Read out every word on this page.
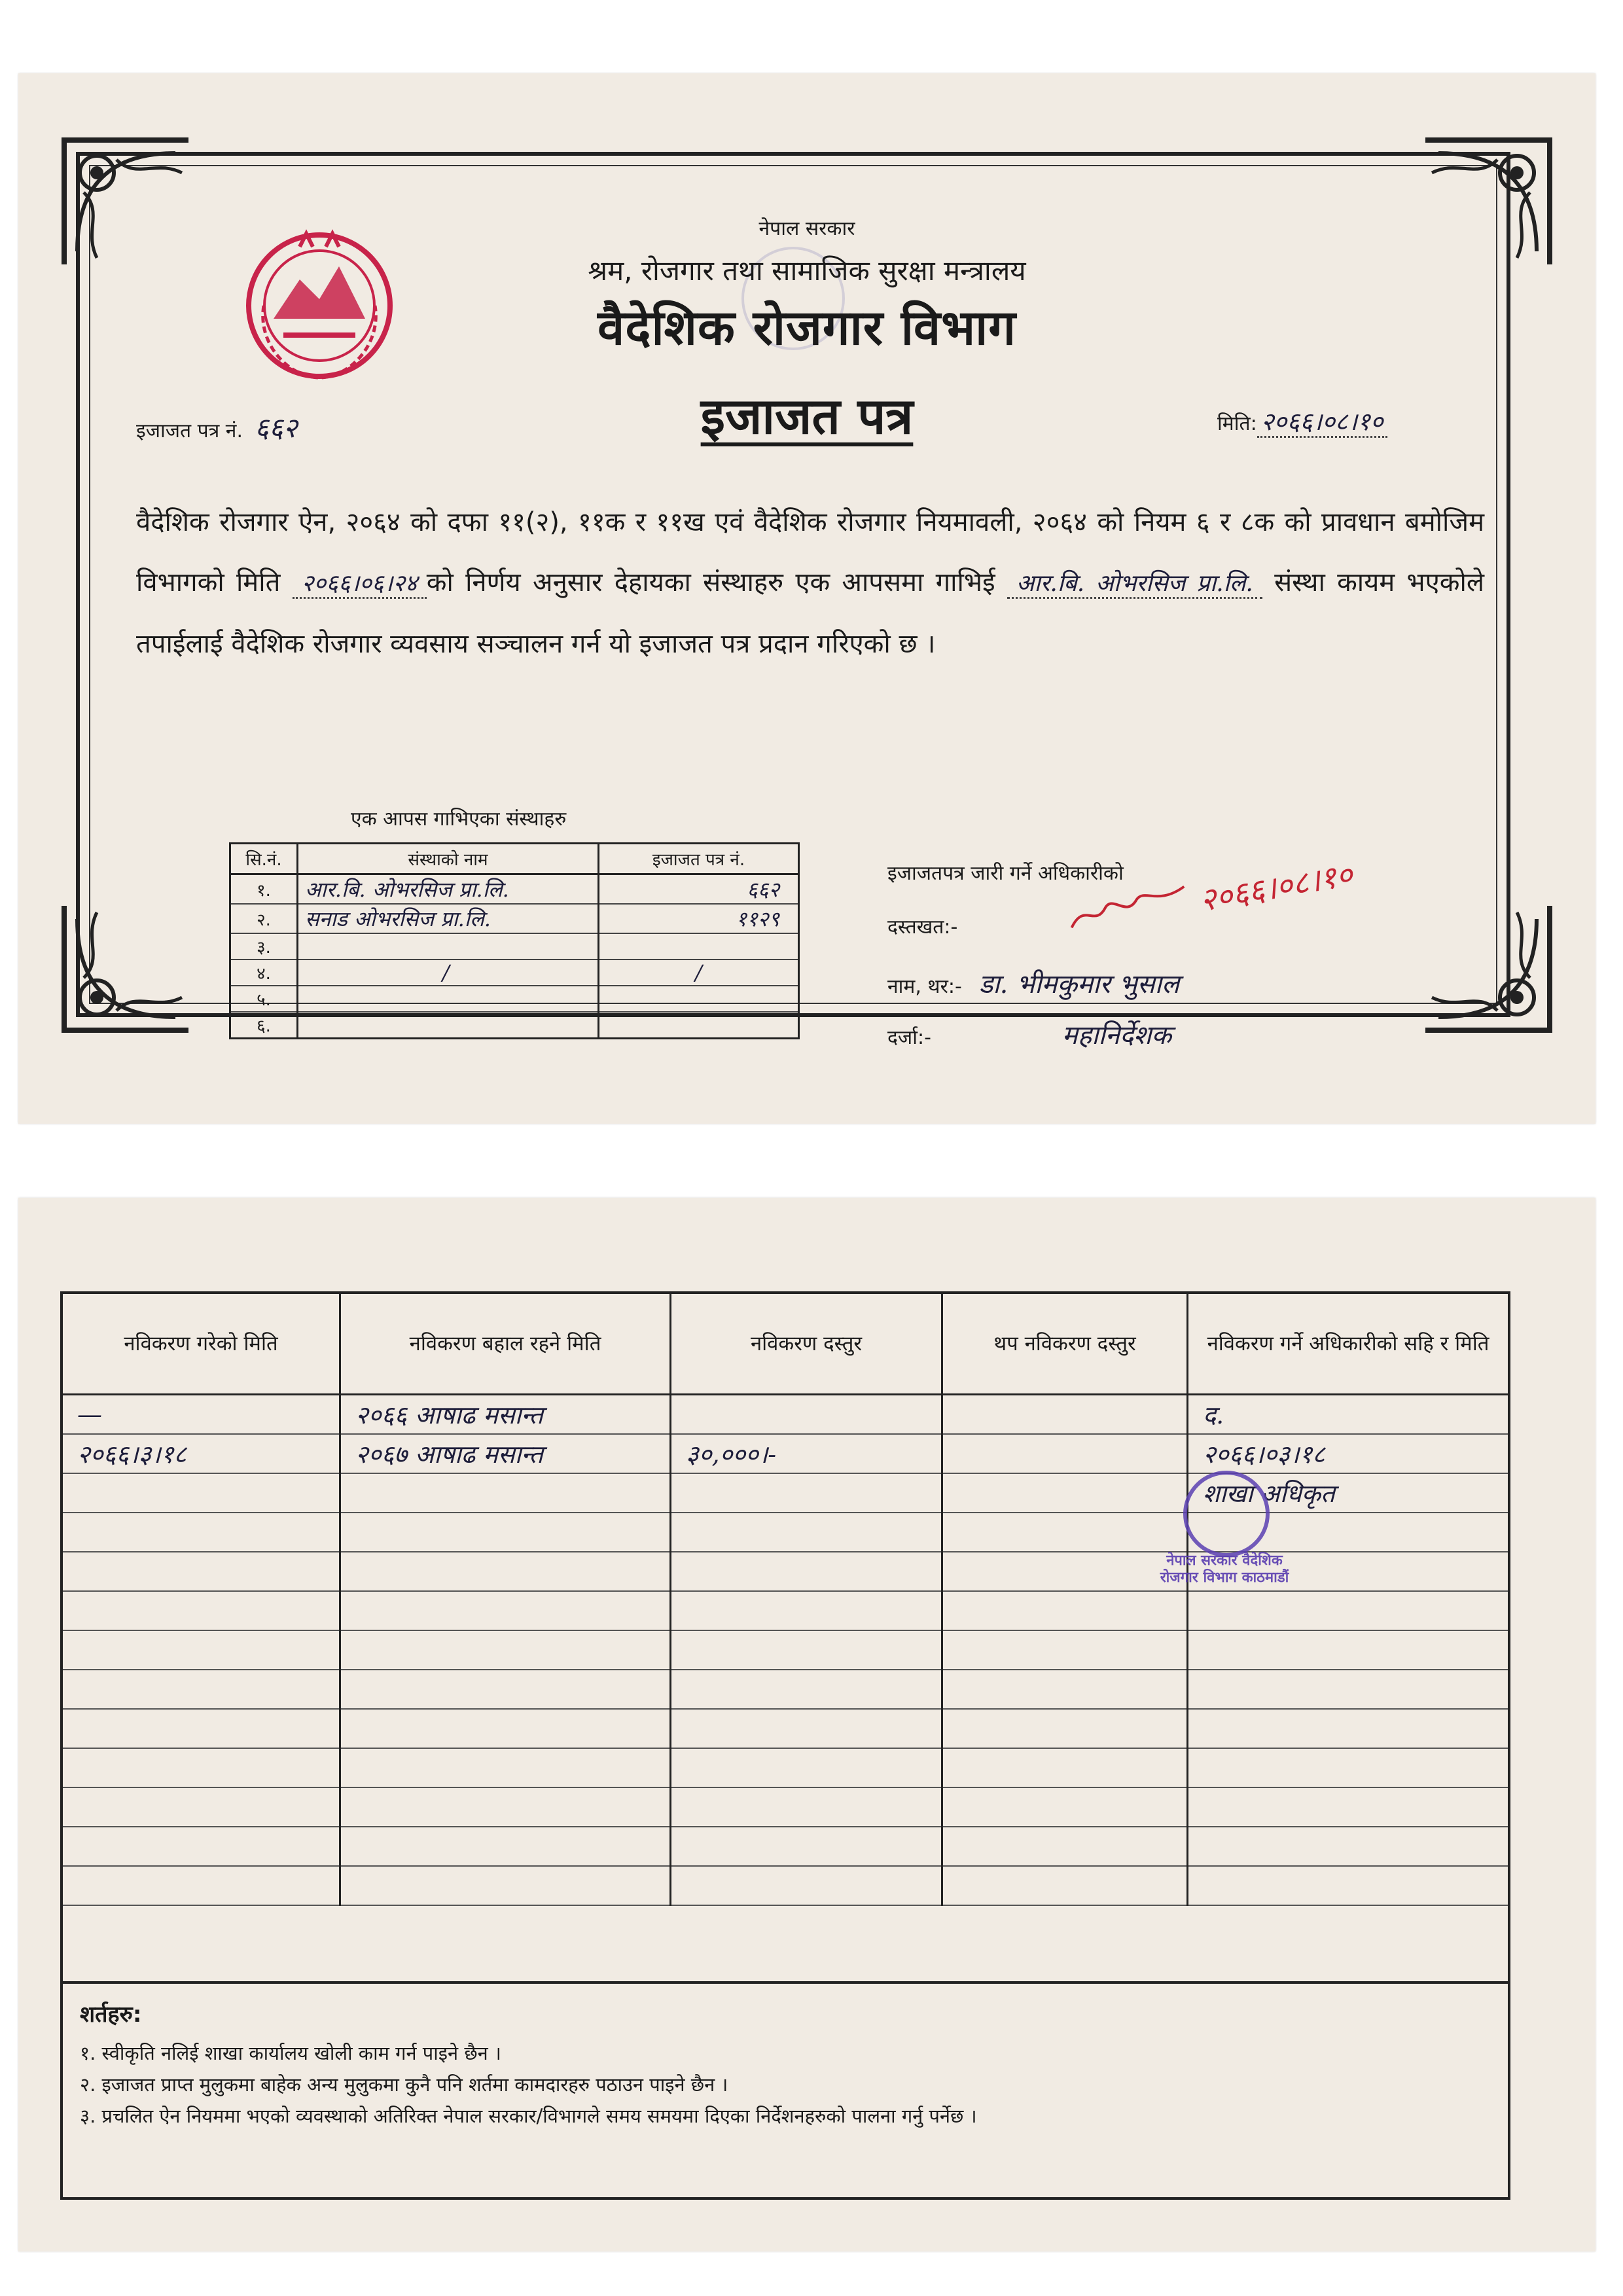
नेपाल सरकार
श्रम, रोजगार तथा सामाजिक सुरक्षा मन्त्रालय
वैदेशिक रोजगार विभाग
इजाजत पत्र
इजाजत पत्र नं. ६६२	मिति: २०६६।०८।१०
वैदेशिक रोजगार ऐन, २०६४ को दफा ११(२), ११क र ११ख एवं वैदेशिक रोजगार नियमावली, २०६४ को नियम ६ र ८क को प्रावधान बमोजिम विभागको मिति २०६६।०६।२४ को निर्णय अनुसार देहायका संस्थाहरु एक आपसमा गाभिई आर.बि. ओभरसिज प्रा.लि. संस्था कायम भएकोले तपाईलाई वैदेशिक रोजगार व्यवसाय सञ्चालन गर्न यो इजाजत पत्र प्रदान गरिएको छ ।
एक आपस गाभिएका संस्थाहरु
सि.नं.	संस्थाको नाम	इजाजत पत्र नं.
१.	आर.बि. ओभरसिज प्रा.लि.	६६२
२.	सनाड ओभरसिज प्रा.लि.	११२९
३.		
४.	/	/
५.		
६.		
इजाजतपत्र जारी गर्ने अधिकारीको
दस्तखत:-
२०६६।०८।१०
नाम, थर:- डा. भीमकुमार भुसाल
दर्जा:-	महानिर्देशक
नविकरण गरेको मिति	नविकरण बहाल रहने मिति	नविकरण दस्तुर	थप नविकरण दस्तुर	नविकरण गर्ने अधिकारीको सहि र मिति
—	२०६६ आषाढ मसान्त			द.
२०६६।३।१८	२०६७ आषाढ मसान्त	३०,०००।-		२०६६।०३।१८
				शाखा अधिकृत

नेपाल सरकार वैदेशिक रोजगार विभाग काठमाडौं
शर्तहरु:
१. स्वीकृति नलिई शाखा कार्यालय खोली काम गर्न पाइने छैन ।
२. इजाजत प्राप्त मुलुकमा बाहेक अन्य मुलुकमा कुनै पनि शर्तमा कामदारहरु पठाउन पाइने छैन ।
३. प्रचलित ऐन नियममा भएको व्यवस्थाको अतिरिक्त नेपाल सरकार/विभागले समय समयमा दिएका निर्देशनहरुको पालना गर्नु पर्नेछ ।
